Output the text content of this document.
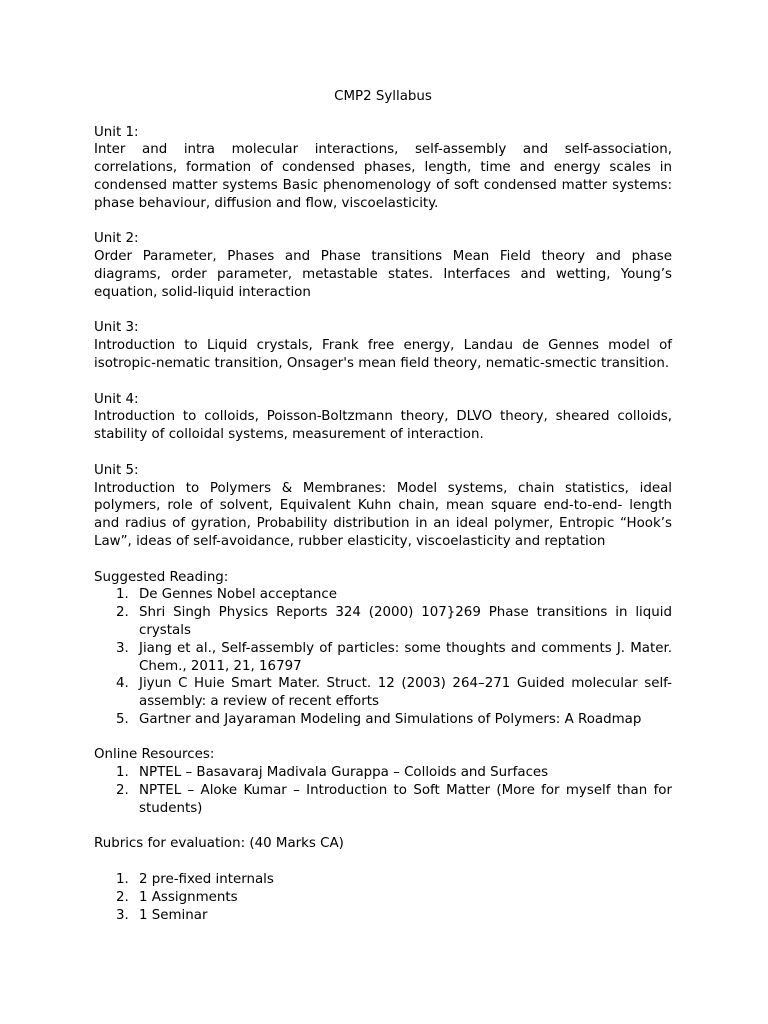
CMP2 Syllabus
Unit 1:

Inter and intra molecular interactions, self-assembly and self-association, correlations, formation of condensed phases, length, time and energy scales in condensed matter systems Basic phenomenology of soft condensed matter systems: phase behaviour, diffusion and flow, viscoelasticity.

Unit 2:

Order Parameter, Phases and Phase transitions Mean Field theory and phase diagrams, order parameter, metastable states. Interfaces and wetting, Young’s equation, solid-liquid interaction

Unit 3:

Introduction to Liquid crystals, Frank free energy, Landau de Gennes model of isotropic-nematic transition, Onsager's mean field theory, nematic-smectic transition.

Unit 4:

Introduction to colloids, Poisson-Boltzmann theory, DLVO theory, sheared colloids, stability of colloidal systems, measurement of interaction.

Unit 5:

Introduction to Polymers & Membranes: Model systems, chain statistics, ideal polymers, role of solvent, Equivalent Kuhn chain, mean square end-to-end- length and radius of gyration, Probability distribution in an ideal polymer, Entropic “Hook’s Law”, ideas of self-avoidance, rubber elasticity, viscoelasticity and reptation

Suggested Reading:
1. De Gennes Nobel acceptance
2. Shri Singh Physics Reports 324 (2000) 107}269 Phase transitions in liquid crystals
3. Jiang et al., Self-assembly of particles: some thoughts and comments J. Mater. Chem., 2011, 21, 16797
4. Jiyun C Huie Smart Mater. Struct. 12 (2003) 264–271 Guided molecular self-assembly: a review of recent efforts
5. Gartner and Jayaraman Modeling and Simulations of Polymers: A Roadmap
Online Resources:
1. NPTEL – Basavaraj Madivala Gurappa – Colloids and Surfaces
2. NPTEL – Aloke Kumar – Introduction to Soft Matter (More for myself than for students)
Rubrics for evaluation: (40 Marks CA)
1. 2 pre-fixed internals
2. 1 Assignments
3. 1 Seminar
